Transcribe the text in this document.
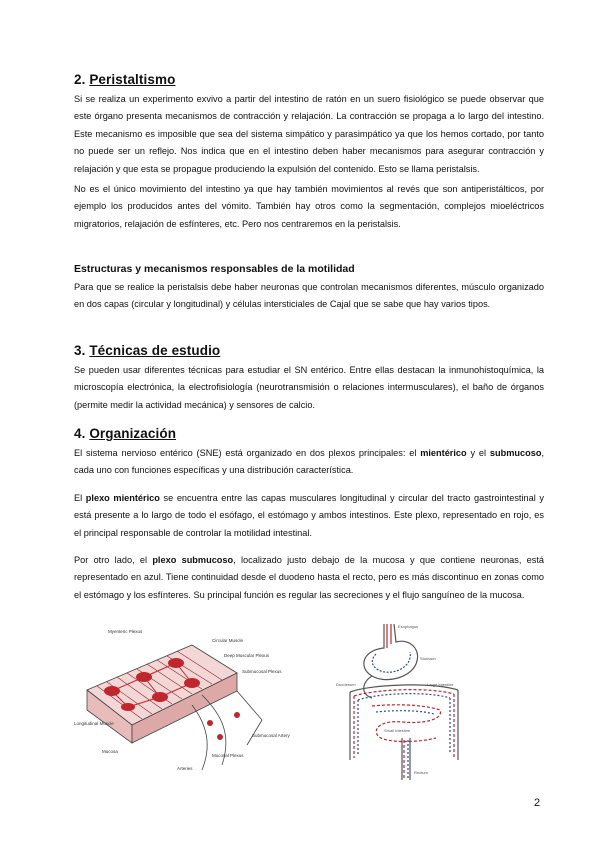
2. Peristaltismo

Si se realiza un experimento exvivo a partir del intestino de ratón en un suero fisiológico se puede observar que este órgano presenta mecanismos de contracción y relajación. La contracción se propaga a lo largo del intestino. Este mecanismo es imposible que sea del sistema simpático y parasimpático ya que los hemos cortado, por tanto no puede ser un reflejo. Nos indica que en el intestino deben haber mecanismos para asegurar contracción y relajación y que esta se propague produciendo la expulsión del contenido. Esto se llama peristalsis.

No es el único movimiento del intestino ya que hay también movimientos al revés que son antiperistálticos, por ejemplo los producidos antes del vómito. También hay otros como la segmentación, complejos mioeléctricos migratorios, relajación de esfínteres, etc. Pero nos centraremos en la peristalsis.

Estructuras y mecanismos responsables de la motilidad

Para que se realice la peristalsis debe haber neuronas que controlan mecanismos diferentes, músculo organizado en dos capas (circular y longitudinal) y células intersticiales de Cajal que se sabe que hay varios tipos.

3. Técnicas de estudio

Se pueden usar diferentes técnicas para estudiar el SN entérico. Entre ellas destacan la inmunohistoquímica, la microscopía electrónica, la electrofisiología (neurotransmisión o relaciones intermusculares), el baño de órganos (permite medir la actividad mecánica) y sensores de calcio.

4. Organización

El sistema nervioso entérico (SNE) está organizado en dos plexos principales: el mientérico y el submucoso, cada uno con funciones específicas y una distribución característica.

El plexo mientérico se encuentra entre las capas musculares longitudinal y circular del tracto gastrointestinal y está presente a lo largo de todo el esófago, el estómago y ambos intestinos. Este plexo, representado en rojo, es el principal responsable de controlar la motilidad intestinal.

Por otro lado, el plexo submucoso, localizado justo debajo de la mucosa y que contiene neuronas, está representado en azul. Tiene continuidad desde el duodeno hasta el recto, pero es más discontinuo en zonas como el estómago y los esfínteres. Su principal función es regular las secreciones y el flujo sanguíneo de la mucosa.

Myenteric Plexus
Circular Muscle
Deep Muscular Plexus
Submucosal Plexus
Longitudinal Muscle
Mucosa
Submucosal Artery
Mucosal Plexus
Arteries
Esophagus
Stomach
Duodenum	Large Intestine
Small Intestine
Rectum
2
